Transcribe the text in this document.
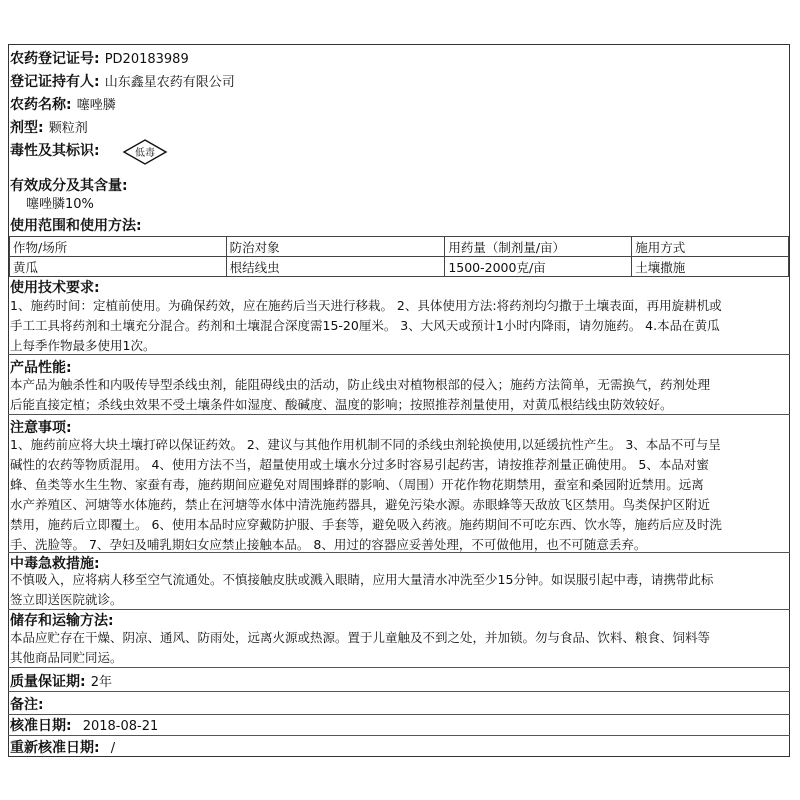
农药登记证号: PD20183989
登记证持有人: 山东鑫星农药有限公司
农药名称: 噻唑膦
剂型: 颗粒剂
毒性及其标识:	低毒
有效成分及其含量:
噻唑膦10%
使用范围和使用方法:
作物/场所	防治对象	用药量（制剂量/亩）	施用方式
黄瓜	根结线虫	1500-2000克/亩	土壤撒施
使用技术要求:
1、施药时间：定植前使用。为确保药效，应在施药后当天进行移栽。 2、具体使用方法:将药剂均匀撒于土壤表面，再用旋耕机或
手工工具将药剂和土壤充分混合。药剂和土壤混合深度需15-20厘米。 3、大风天或预计1小时内降雨，请勿施药。 4.本品在黄瓜
上每季作物最多使用1次。
产品性能:
本产品为触杀性和内吸传导型杀线虫剂，能阻碍线虫的活动，防止线虫对植物根部的侵入；施药方法简单，无需换气，药剂处理
后能直接定植；杀线虫效果不受土壤条件如湿度、酸碱度、温度的影响；按照推荐剂量使用，对黄瓜根结线虫防效较好。
注意事项:
1、施药前应将大块土壤打碎以保证药效。 2、建议与其他作用机制不同的杀线虫剂轮换使用,以延缓抗性产生。 3、本品不可与呈
碱性的农药等物质混用。 4、使用方法不当，超量使用或土壤水分过多时容易引起药害，请按推荐剂量正确使用。 5、本品对蜜
蜂、鱼类等水生生物、家蚕有毒，施药期间应避免对周围蜂群的影响、（周围）开花作物花期禁用，蚕室和桑园附近禁用。远离
水产养殖区、河塘等水体施药，禁止在河塘等水体中清洗施药器具，避免污染水源。赤眼蜂等天敌放飞区禁用。鸟类保护区附近
禁用，施药后立即覆土。 6、使用本品时应穿戴防护服、手套等，避免吸入药液。施药期间不可吃东西、饮水等，施药后应及时洗
手、洗脸等。 7、孕妇及哺乳期妇女应禁止接触本品。 8、用过的容器应妥善处理，不可做他用，也不可随意丢弃。
中毒急救措施:
不慎吸入，应将病人移至空气流通处。不慎接触皮肤或溅入眼睛，应用大量清水冲洗至少15分钟。如误服引起中毒，请携带此标
签立即送医院就诊。
储存和运输方法:
本品应贮存在干燥、阴凉、通风、防雨处，远离火源或热源。置于儿童触及不到之处，并加锁。勿与食品、饮料、粮食、饲料等
其他商品同贮同运。
质量保证期: 2年
备注:
核准日期: 2018-08-21
重新核准日期: /
